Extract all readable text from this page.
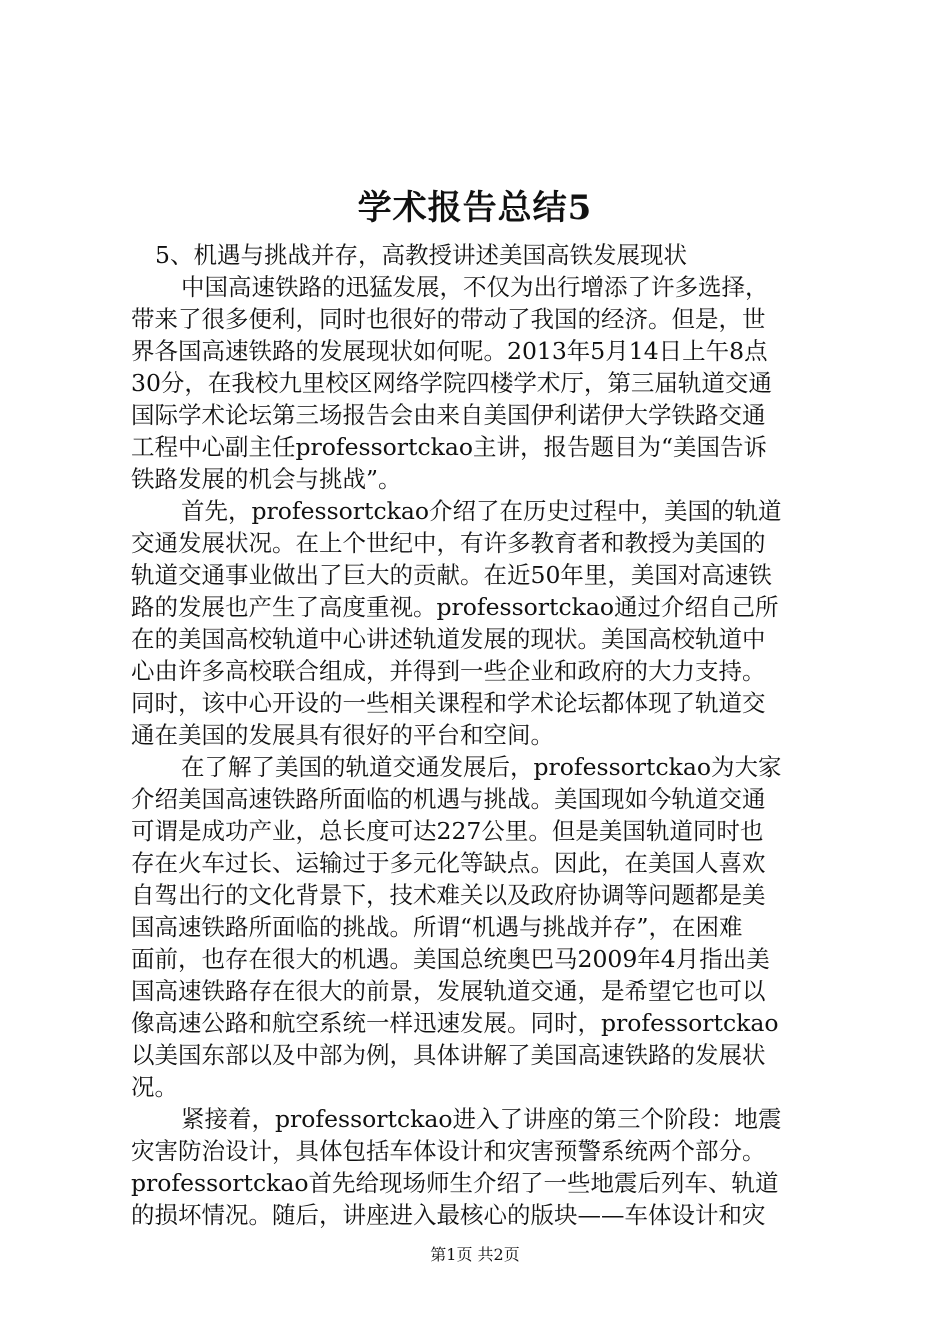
学术报告总结5
5、机遇与挑战并存，高教授讲述美国高铁发展现状
中国高速铁路的迅猛发展，不仅为出行增添了许多选择，
带来了很多便利，同时也很好的带动了我国的经济。但是，世
界各国高速铁路的发展现状如何呢。2013年5月14日上午8点
30分，在我校九里校区网络学院四楼学术厅，第三届轨道交通
国际学术论坛第三场报告会由来自美国伊利诺伊大学铁路交通
工程中心副主任professortckao主讲，报告题目为“美国告诉
铁路发展的机会与挑战”。
首先，professortckao介绍了在历史过程中，美国的轨道
交通发展状况。在上个世纪中，有许多教育者和教授为美国的
轨道交通事业做出了巨大的贡献。在近50年里，美国对高速铁
路的发展也产生了高度重视。professortckao通过介绍自己所
在的美国高校轨道中心讲述轨道发展的现状。美国高校轨道中
心由许多高校联合组成，并得到一些企业和政府的大力支持。
同时，该中心开设的一些相关课程和学术论坛都体现了轨道交
通在美国的发展具有很好的平台和空间。
在了解了美国的轨道交通发展后，professortckao为大家
介绍美国高速铁路所面临的机遇与挑战。美国现如今轨道交通
可谓是成功产业，总长度可达227公里。但是美国轨道同时也
存在火车过长、运输过于多元化等缺点。因此，在美国人喜欢
自驾出行的文化背景下，技术难关以及政府协调等问题都是美
国高速铁路所面临的挑战。所谓“机遇与挑战并存”，在困难
面前，也存在很大的机遇。美国总统奥巴马2009年4月指出美
国高速铁路存在很大的前景，发展轨道交通，是希望它也可以
像高速公路和航空系统一样迅速发展。同时，professortckao
以美国东部以及中部为例，具体讲解了美国高速铁路的发展状
况。
紧接着，professortckao进入了讲座的第三个阶段：地震
灾害防治设计，具体包括车体设计和灾害预警系统两个部分。
professortckao首先给现场师生介绍了一些地震后列车、轨道
的损坏情况。随后，讲座进入最核心的版块——车体设计和灾
第1页 共2页
